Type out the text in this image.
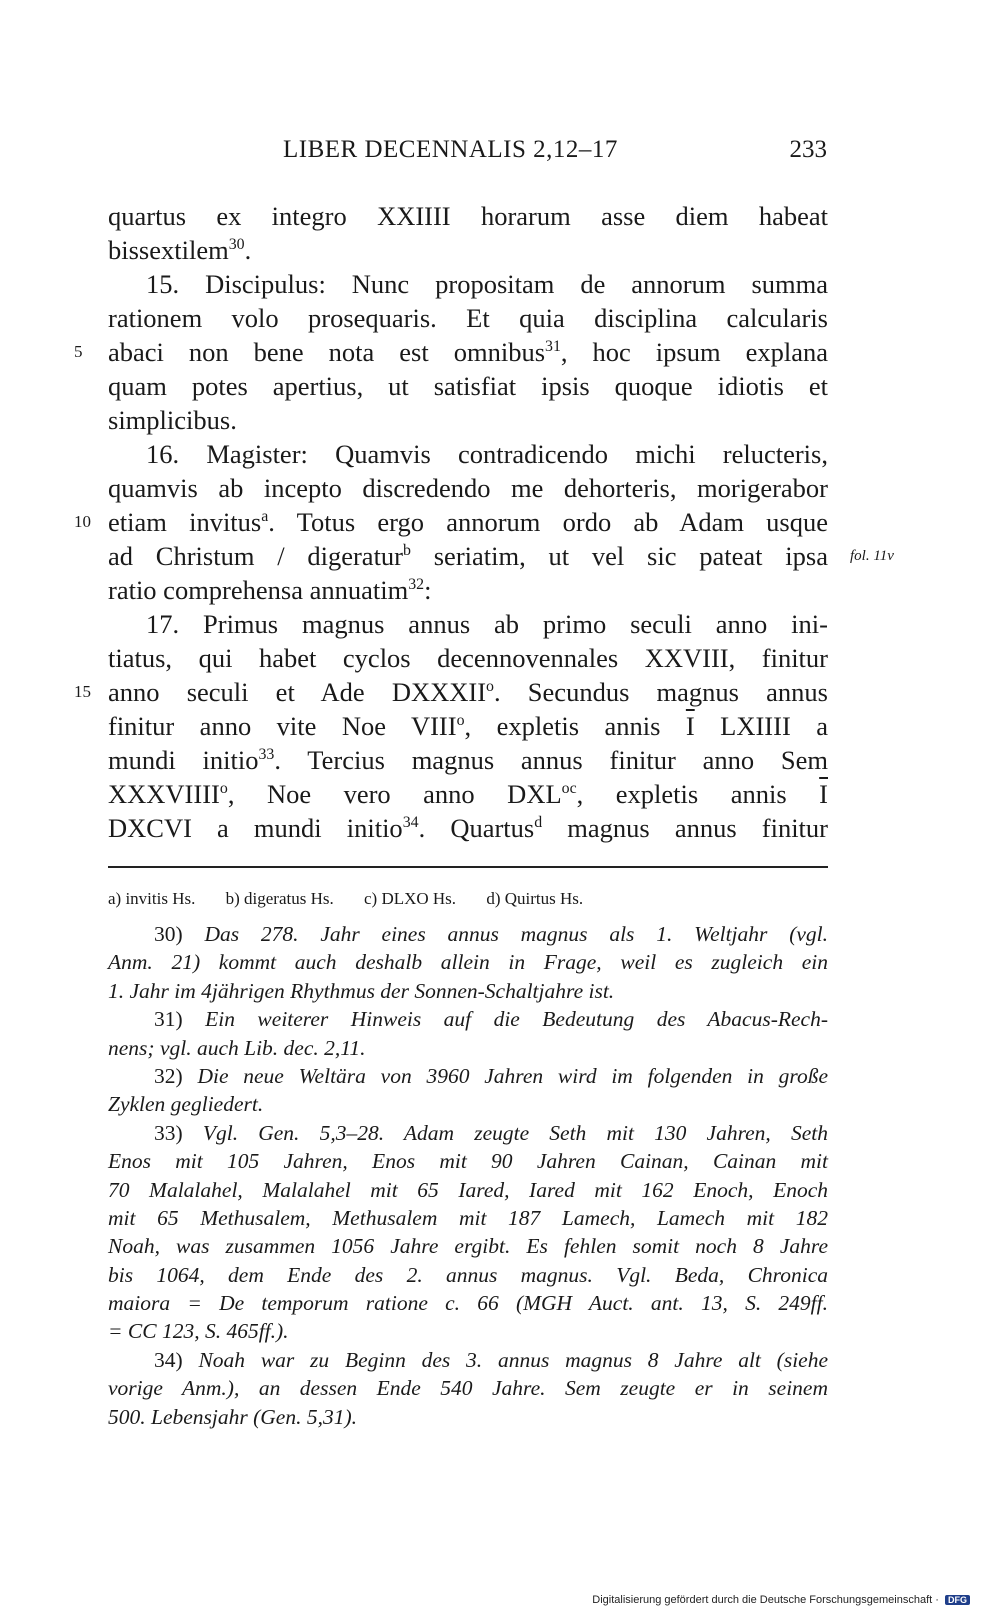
LIBER DECENNALIS 2,12–17	233
quartus ex integro XXIIII horarum asse diem habeat
bissextilem$^{30}$.
15. Discipulus: Nunc propositam de annorum summa
rationem volo prosequaris. Et quia disciplina calcularis
5 abaci non bene nota est omnibus$^{31}$, hoc ipsum explana
quam potes apertius, ut satisfiat ipsis quoque idiotis et
simplicibus.
16. Magister: Quamvis contradicendo michi relucteris,
quamvis ab incepto discredendo me dehorteris, morigerabor
10 etiam invitus$^a$. Totus ergo annorum ordo ab Adam usque
ad Christum / digeratur$^b$ seriatim, ut vel sic pateat ipsa fol. 11v
ratio comprehensa annuatim$^{32}$:
17. Primus magnus annus ab primo seculi anno ini-
tiatus, qui habet cyclos decennovennales XXVIII, finitur
15 anno seculi et Ade DXXXII$^o$. Secundus magnus annus
finitur anno vite Noe VIII$^o$, expletis annis $\overline{I}$ LXIIII a
mundi initio$^{33}$. Tercius magnus annus finitur anno Sem
XXXVIIII$^o$, Noe vero anno $DXL^{oc}$, expletis annis $\overline{I}$
DXCVI a mundi initio$^{34}$. Quartus$^d$ magnus annus finitur
a) invitis Hs. b) digeratus Hs. c) DLXO Hs. d) Quirtus Hs.
30) Das 278. Jahr eines annus magnus als 1. Weltjahr (vgl.
Anm. 21) kommt auch deshalb allein in Frage, weil es zugleich ein
1. Jahr im 4jährigen Rhythmus der Sonnen-Schaltjahre ist.
31) Ein weiterer Hinweis auf die Bedeutung des Abacus-Rech-
nens; vgl. auch Lib. dec. 2,11.
32) Die neue Weltära von 3960 Jahren wird im folgenden in große
Zyklen gegliedert.
33) Vgl. Gen. 5,3–28. Adam zeugte Seth mit 130 Jahren, Seth
Enos mit 105 Jahren, Enos mit 90 Jahren Cainan, Cainan mit
70 Malalahel, Malalahel mit 65 Iared, Iared mit 162 Enoch, Enoch
mit 65 Methusalem, Methusalem mit 187 Lamech, Lamech mit 182
Noah, was zusammen 1056 Jahre ergibt. Es fehlen somit noch 8 Jahre
bis 1064, dem Ende des 2. annus magnus. Vgl. Beda, Chronica
maiora = De temporum ratione c. 66 (MGH Auct. ant. 13, S. 249ff.
= CC 123, S. 465ff.).
34) Noah war zu Beginn des 3. annus magnus 8 Jahre alt (siehe
vorige Anm.), an dessen Ende 540 Jahre. Sem zeugte er in seinem
500. Lebensjahr (Gen. 5,31).
Digitalisierung gefördert durch die Deutsche Forschungsgemeinschaft · DFG
